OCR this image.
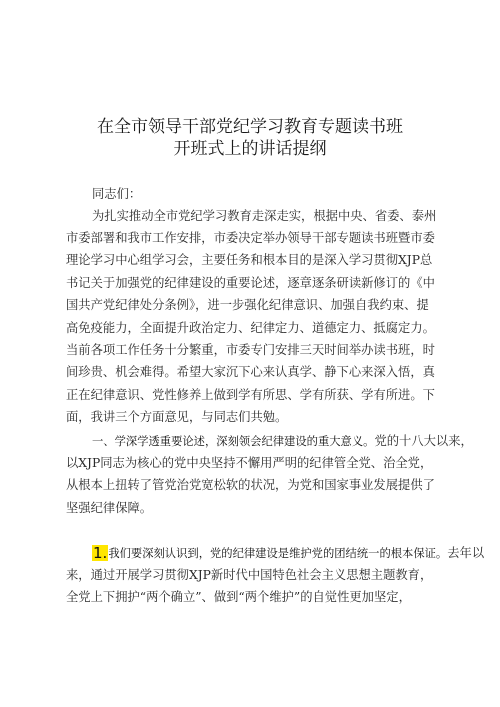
在全市领导干部党纪学习教育专题读书班
开班式上的讲话提纲
同志们：
为扎实推动全市党纪学习教育走深走实，根据中央、省委、泰州
市委部署和我市工作安排，市委决定举办领导干部专题读书班暨市委
理论学习中心组学习会，主要任务和根本目的是深入学习贯彻XJP总
书记关于加强党的纪律建设的重要论述，逐章逐条研读新修订的《中
国共产党纪律处分条例》，进一步强化纪律意识、加强自我约束、提
高免疫能力，全面提升政治定力、纪律定力、道德定力、抵腐定力。
当前各项工作任务十分繁重，市委专门安排三天时间举办读书班，时
间珍贵、机会难得。希望大家沉下心来认真学、静下心来深入悟，真
正在纪律意识、党性修养上做到学有所思、学有所获、学有所进。下
面，我讲三个方面意见，与同志们共勉。
一、学深学透重要论述，深刻领会纪律建设的重大意义。党的十八大以来，
以XJP同志为核心的党中央坚持不懈用严明的纪律管全党、治全党，
从根本上扭转了管党治党宽松软的状况，为党和国家事业发展提供了
坚强纪律保障。
1.我们要深刻认识到，党的纪律建设是维护党的团结统一的根本保证。去年以
来，通过开展学习贯彻XJP新时代中国特色社会主义思想主题教育，
全党上下拥护“两个确立”、做到“两个维护”的自觉性更加坚定，
